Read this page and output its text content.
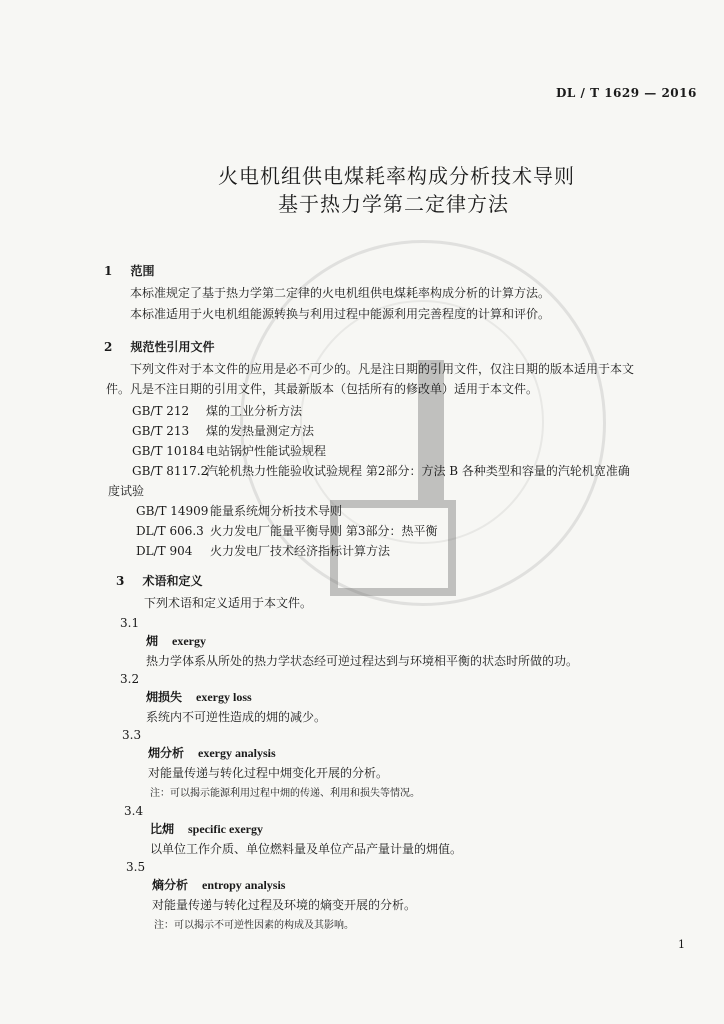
DL / T 1629 — 2016
火电机组供电煤耗率构成分析技术导则
基于热力学第二定律方法
1 范围
本标准规定了基于热力学第二定律的火电机组供电煤耗率构成分析的计算方法。
本标准适用于火电机组能源转换与利用过程中能源利用完善程度的计算和评价。
2 规范性引用文件
下列文件对于本文件的应用是必不可少的。凡是注日期的引用文件，仅注日期的版本适用于本文
件。凡是不注日期的引用文件，其最新版本（包括所有的修改单）适用于本文件。
GB/T 212 煤的工业分析方法
GB/T 213 煤的发热量测定方法
GB/T 10184 电站锅炉性能试验规程
GB/T 8117.2汽轮机热力性能验收试验规程 第2部分：方法 B 各种类型和容量的汽轮机宽准确
度试验
GB/T 14909 能量系统㶲分析技术导则
DL/T 606.3 火力发电厂能量平衡导则 第3部分：热平衡
DL/T 904 火力发电厂技术经济指标计算方法
3 术语和定义
下列术语和定义适用于本文件。
3.1
㶲 exergy
热力学体系从所处的热力学状态经可逆过程达到与环境相平衡的状态时所做的功。
3.2
㶲损失 exergy loss
系统内不可逆性造成的㶲的减少。
3.3
㶲分析 exergy analysis
对能量传递与转化过程中㶲变化开展的分析。
注：可以揭示能源利用过程中㶲的传递、利用和损失等情况。
3.4
比㶲 specific exergy
以单位工作介质、单位燃料量及单位产品产量计量的㶲值。
3.5
熵分析 entropy analysis
对能量传递与转化过程及环境的熵变开展的分析。
注：可以揭示不可逆性因素的构成及其影响。
1
